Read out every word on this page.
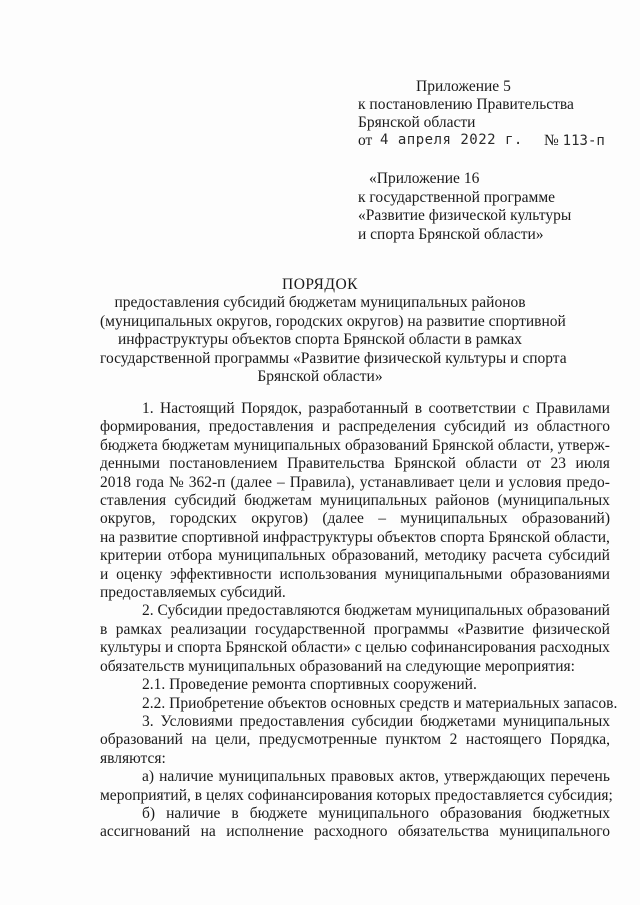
Приложение 5
к постановлению Правительства
Брянской области
от 4 апреля 2022 г. № 113-п
«Приложение 16
к государственной программе
«Развитие физической культуры
и спорта Брянской области»
ПОРЯДОК
предоставления субсидий бюджетам муниципальных районов
(муниципальных округов, городских округов) на развитие спортивной
инфраструктуры объектов спорта Брянской области в рамках
государственной программы «Развитие физической культуры и спорта
Брянской области»
1. Настоящий Порядок, разработанный в соответствии с Правилами
формирования, предоставления и распределения субсидий из областного
бюджета бюджетам муниципальных образований Брянской области, утверж-
денными постановлением Правительства Брянской области от 23 июля
2018 года № 362-п (далее – Правила), устанавливает цели и условия предо-
ставления субсидий бюджетам муниципальных районов (муниципальных
округов, городских округов) (далее – муниципальных образований)
на развитие спортивной инфраструктуры объектов спорта Брянской области,
критерии отбора муниципальных образований, методику расчета субсидий
и оценку эффективности использования муниципальными образованиями
предоставляемых субсидий.
2. Субсидии предоставляются бюджетам муниципальных образований
в рамках реализации государственной программы «Развитие физической
культуры и спорта Брянской области» с целью софинансирования расходных
обязательств муниципальных образований на следующие мероприятия:
2.1. Проведение ремонта спортивных сооружений.
2.2. Приобретение объектов основных средств и материальных запасов.
3. Условиями предоставления субсидии бюджетами муниципальных
образований на цели, предусмотренные пунктом 2 настоящего Порядка,
являются:
а) наличие муниципальных правовых актов, утверждающих перечень
мероприятий, в целях софинансирования которых предоставляется субсидия;
б) наличие в бюджете муниципального образования бюджетных
ассигнований на исполнение расходного обязательства муниципального
